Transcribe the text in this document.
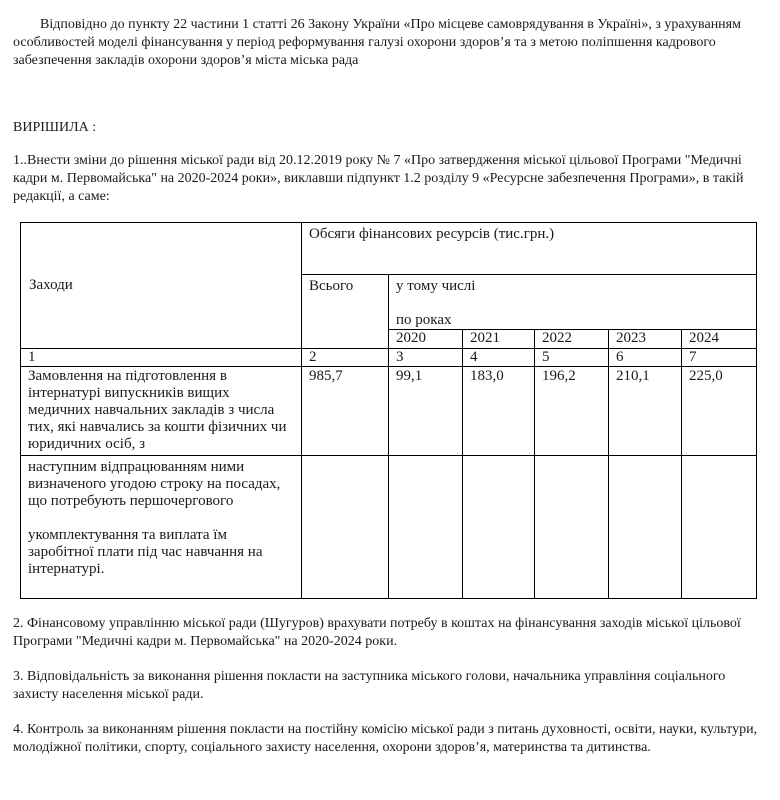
Відповідно до пункту 22 частини 1 статті 26 Закону України «Про місцеве самоврядування в Україні», з урахуванням особливостей моделі фінансування у період реформування галузі охорони здоров’я та з метою поліпшення кадрового забезпечення закладів охорони здоров’я міста міська рада

ВИРІШИЛА :

1..Внести зміни до рішення міської ради від 20.12.2019 року № 7 «Про затвердження міської цільової Програми "Медичні кадри м. Первомайська" на 2020-2024 роки», виклавши підпункт 1.2 розділу 9 «Ресурсне забезпечення Програми», в такій редакції, а саме:

Заходи	Обсяги фінансових ресурсів (тис.грн.)					
	Всього	у тому числі
по роках				
		2020	2021	2022	2023	2024
1	2	3	4	5	6	7
Замовлення на підготовлення в інтернатурі випускників вищих медичних навчальних закладів з числа тих, які навчались за кошти фізичних чи юридичних осіб, з	985,7	99,1	183,0	196,2	210,1	225,0
наступним відпрацюванням ними визначеного угодою строку на посадах, що потребують першочергового
укомплектування та виплата їм заробітної плати під час навчання на інтернатурі.						

2. Фінансовому управлінню міської ради (Шугуров) врахувати потребу в коштах на фінансування заходів міської цільової Програми "Медичні кадри м. Первомайська" на 2020-2024 роки.

3. Відповідальність за виконання рішення покласти на заступника міського голови, начальника управління соціального захисту населення міської ради.

4. Контроль за виконанням рішення покласти на постійну комісію міської ради з питань духовності, освіти, науки, культури, молодіжної політики, спорту, соціального захисту населення, охорони здоров’я, материнства та дитинства.
